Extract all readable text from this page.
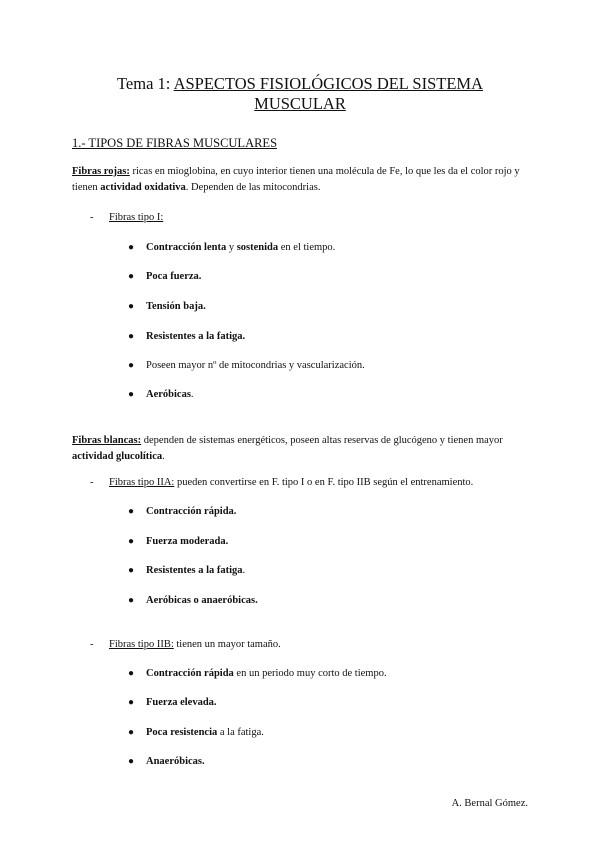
Tema 1: ASPECTOS FISIOLÓGICOS DEL SISTEMA
MUSCULAR
1.- TIPOS DE FIBRAS MUSCULARES
Fibras rojas: ricas en mioglobina, en cuyo interior tienen una molécula de Fe, lo que les da el color rojo y tienen actividad oxidativa. Dependen de las mitocondrias.
- Fibras tipo I:
● Contracción lenta y sostenida en el tiempo.
● Poca fuerza.
● Tensión baja.
● Resistentes a la fatiga.
● Poseen mayor nº de mitocondrias y vascularización.
● Aeróbicas.
Fibras blancas: dependen de sistemas energéticos, poseen altas reservas de glucógeno y tienen mayor actividad glucolítica.
- Fibras tipo IIA: pueden convertirse en F. tipo I o en F. tipo IIB según el entrenamiento.
● Contracción rápida.
● Fuerza moderada.
● Resistentes a la fatiga.
● Aeróbicas o anaeróbicas.
- Fibras tipo IIB: tienen un mayor tamaño.
● Contracción rápida en un periodo muy corto de tiempo.
● Fuerza elevada.
● Poca resistencia a la fatiga.
● Anaeróbicas.
A. Bernal Gómez.
